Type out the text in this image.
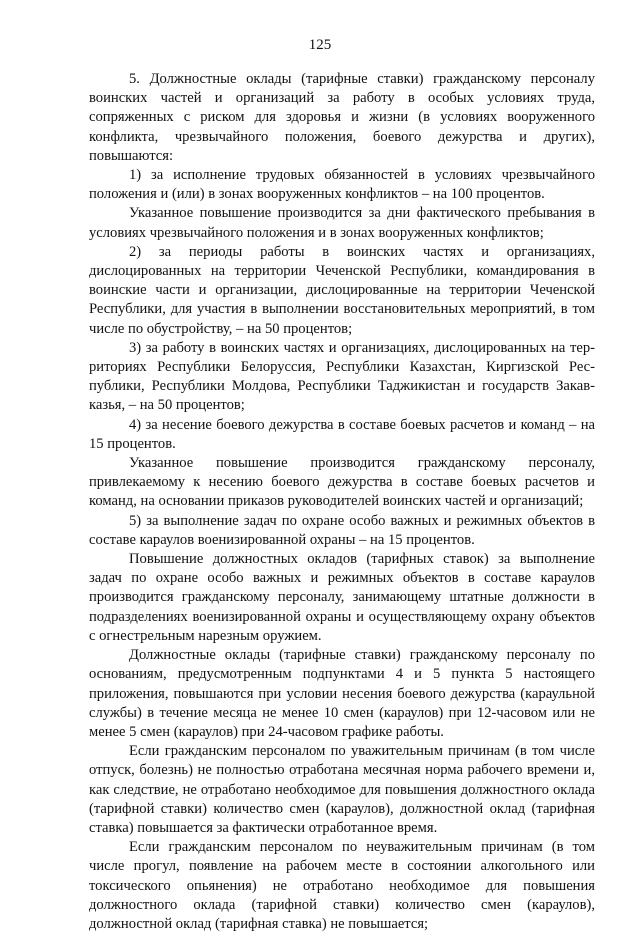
125

5. Должностные оклады (тарифные ставки) гражданскому персоналу воинских частей и организаций за работу в особых условиях труда, сопряженных с риском для здоровья и жизни (в условиях вооруженного конфликта, чрезвычайного положения, боевого дежурства и других), повышаются:

1) за исполнение трудовых обязанностей в условиях чрезвычайного положения и (или) в зонах вооруженных конфликтов – на 100 процентов.

Указанное повышение производится за дни фактического пребывания в условиях чрезвычайного положения и в зонах вооруженных конфликтов;

2) за периоды работы в воинских частях и организациях, дислоцированных на территории Чеченской Республики, командирования в воинские части и организации, дислоцированные на территории Чеченской Республики, для участия в выполнении восстановительных мероприятий, в том числе по обустройству, – на 50 процентов;

3) за работу в воинских частях и организациях, дислоцированных на тер-риториях Республики Белоруссия, Республики Казахстан, Киргизской Рес-публики, Республики Молдова, Республики Таджикистан и государств Закав-казья, – на 50 процентов;

4) за несение боевого дежурства в составе боевых расчетов и команд – на 15 процентов.

Указанное повышение производится гражданскому персоналу, привлекаемому к несению боевого дежурства в составе боевых расчетов и команд, на основании приказов руководителей воинских частей и организаций;

5) за выполнение задач по охране особо важных и режимных объектов в составе караулов военизированной охраны – на 15 процентов.

Повышение должностных окладов (тарифных ставок) за выполнение задач по охране особо важных и режимных объектов в составе караулов производится гражданскому персоналу, занимающему штатные должности в подразделениях военизированной охраны и осуществляющему охрану объектов с огнестрельным нарезным оружием.

Должностные оклады (тарифные ставки) гражданскому персоналу по основаниям, предусмотренным подпунктами 4 и 5 пункта 5 настоящего приложения, повышаются при условии несения боевого дежурства (караульной службы) в течение месяца не менее 10 смен (караулов) при 12-часовом или не менее 5 смен (караулов) при 24-часовом графике работы.

Если гражданским персоналом по уважительным причинам (в том числе отпуск, болезнь) не полностью отработана месячная норма рабочего времени и, как следствие, не отработано необходимое для повышения должностного оклада (тарифной ставки) количество смен (караулов), должностной оклад (тарифная ставка) повышается за фактически отработанное время.

Если гражданским персоналом по неуважительным причинам (в том числе прогул, появление на рабочем месте в состоянии алкогольного или токсического опьянения) не отработано необходимое для повышения должностного оклада (тарифной ставки) количество смен (караулов), должностной оклад (тарифная ставка) не повышается;
